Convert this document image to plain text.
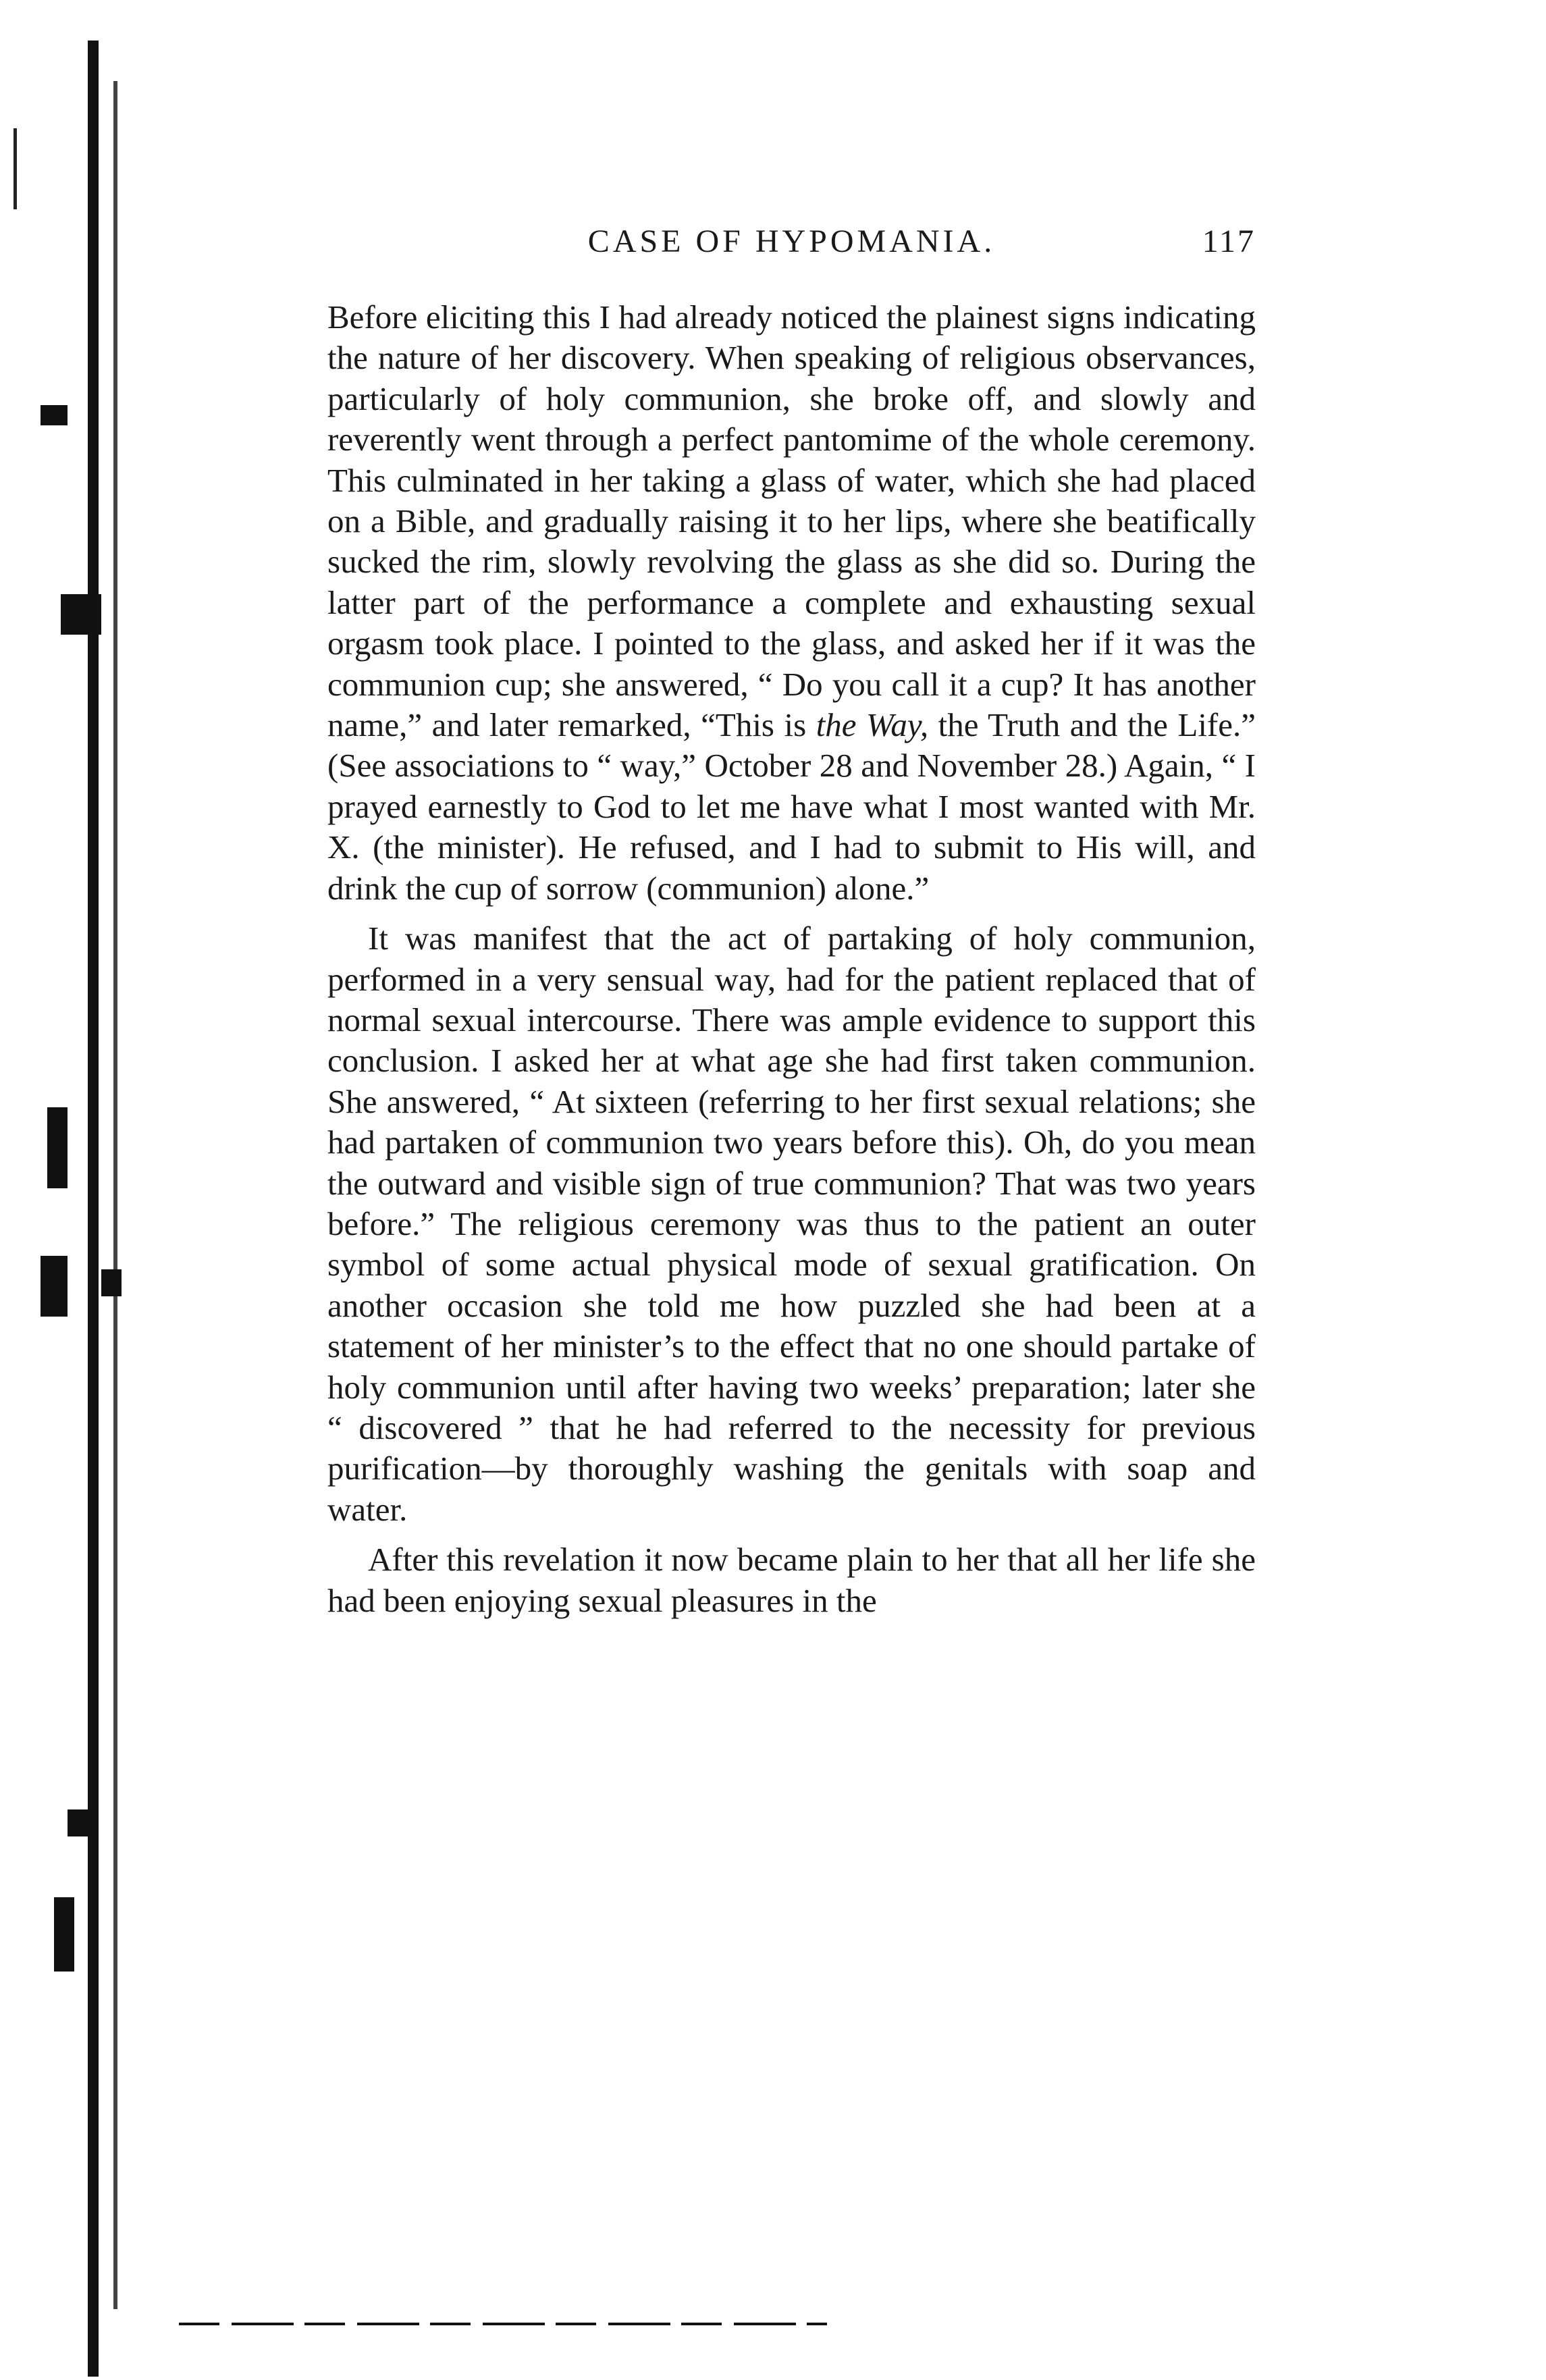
CASE OF HYPOMANIA.	117

Before eliciting this I had already noticed the plainest signs indicating the nature of her discovery. When speaking of religious observances, particularly of holy communion, she broke off, and slowly and reverently went through a perfect pantomime of the whole ceremony. This culminated in her taking a glass of water, which she had placed on a Bible, and gradually raising it to her lips, where she beatifically sucked the rim, slowly revolving the glass as she did so. During the latter part of the performance a complete and exhausting sexual orgasm took place. I pointed to the glass, and asked her if it was the communion cup; she answered, “ Do you call it a cup? It has another name,” and later remarked, “This is the Way, the Truth and the Life.” (See associations to “ way,” October 28 and November 28.) Again, “ I prayed earnestly to God to let me have what I most wanted with Mr. X. (the minister). He refused, and I had to submit to His will, and drink the cup of sorrow (communion) alone.”

It was manifest that the act of partaking of holy communion, performed in a very sensual way, had for the patient replaced that of normal sexual intercourse. There was ample evidence to support this conclusion. I asked her at what age she had first taken communion. She answered, “ At sixteen (referring to her first sexual relations; she had partaken of communion two years before this). Oh, do you mean the outward and visible sign of true communion? That was two years before.” The religious ceremony was thus to the patient an outer symbol of some actual physical mode of sexual gratification. On another occasion she told me how puzzled she had been at a statement of her minister’s to the effect that no one should partake of holy communion until after having two weeks’ preparation; later she “ discovered ” that he had referred to the necessity for previous purification—by thoroughly washing the genitals with soap and water.

After this revelation it now became plain to her that all her life she had been enjoying sexual pleasures in the
